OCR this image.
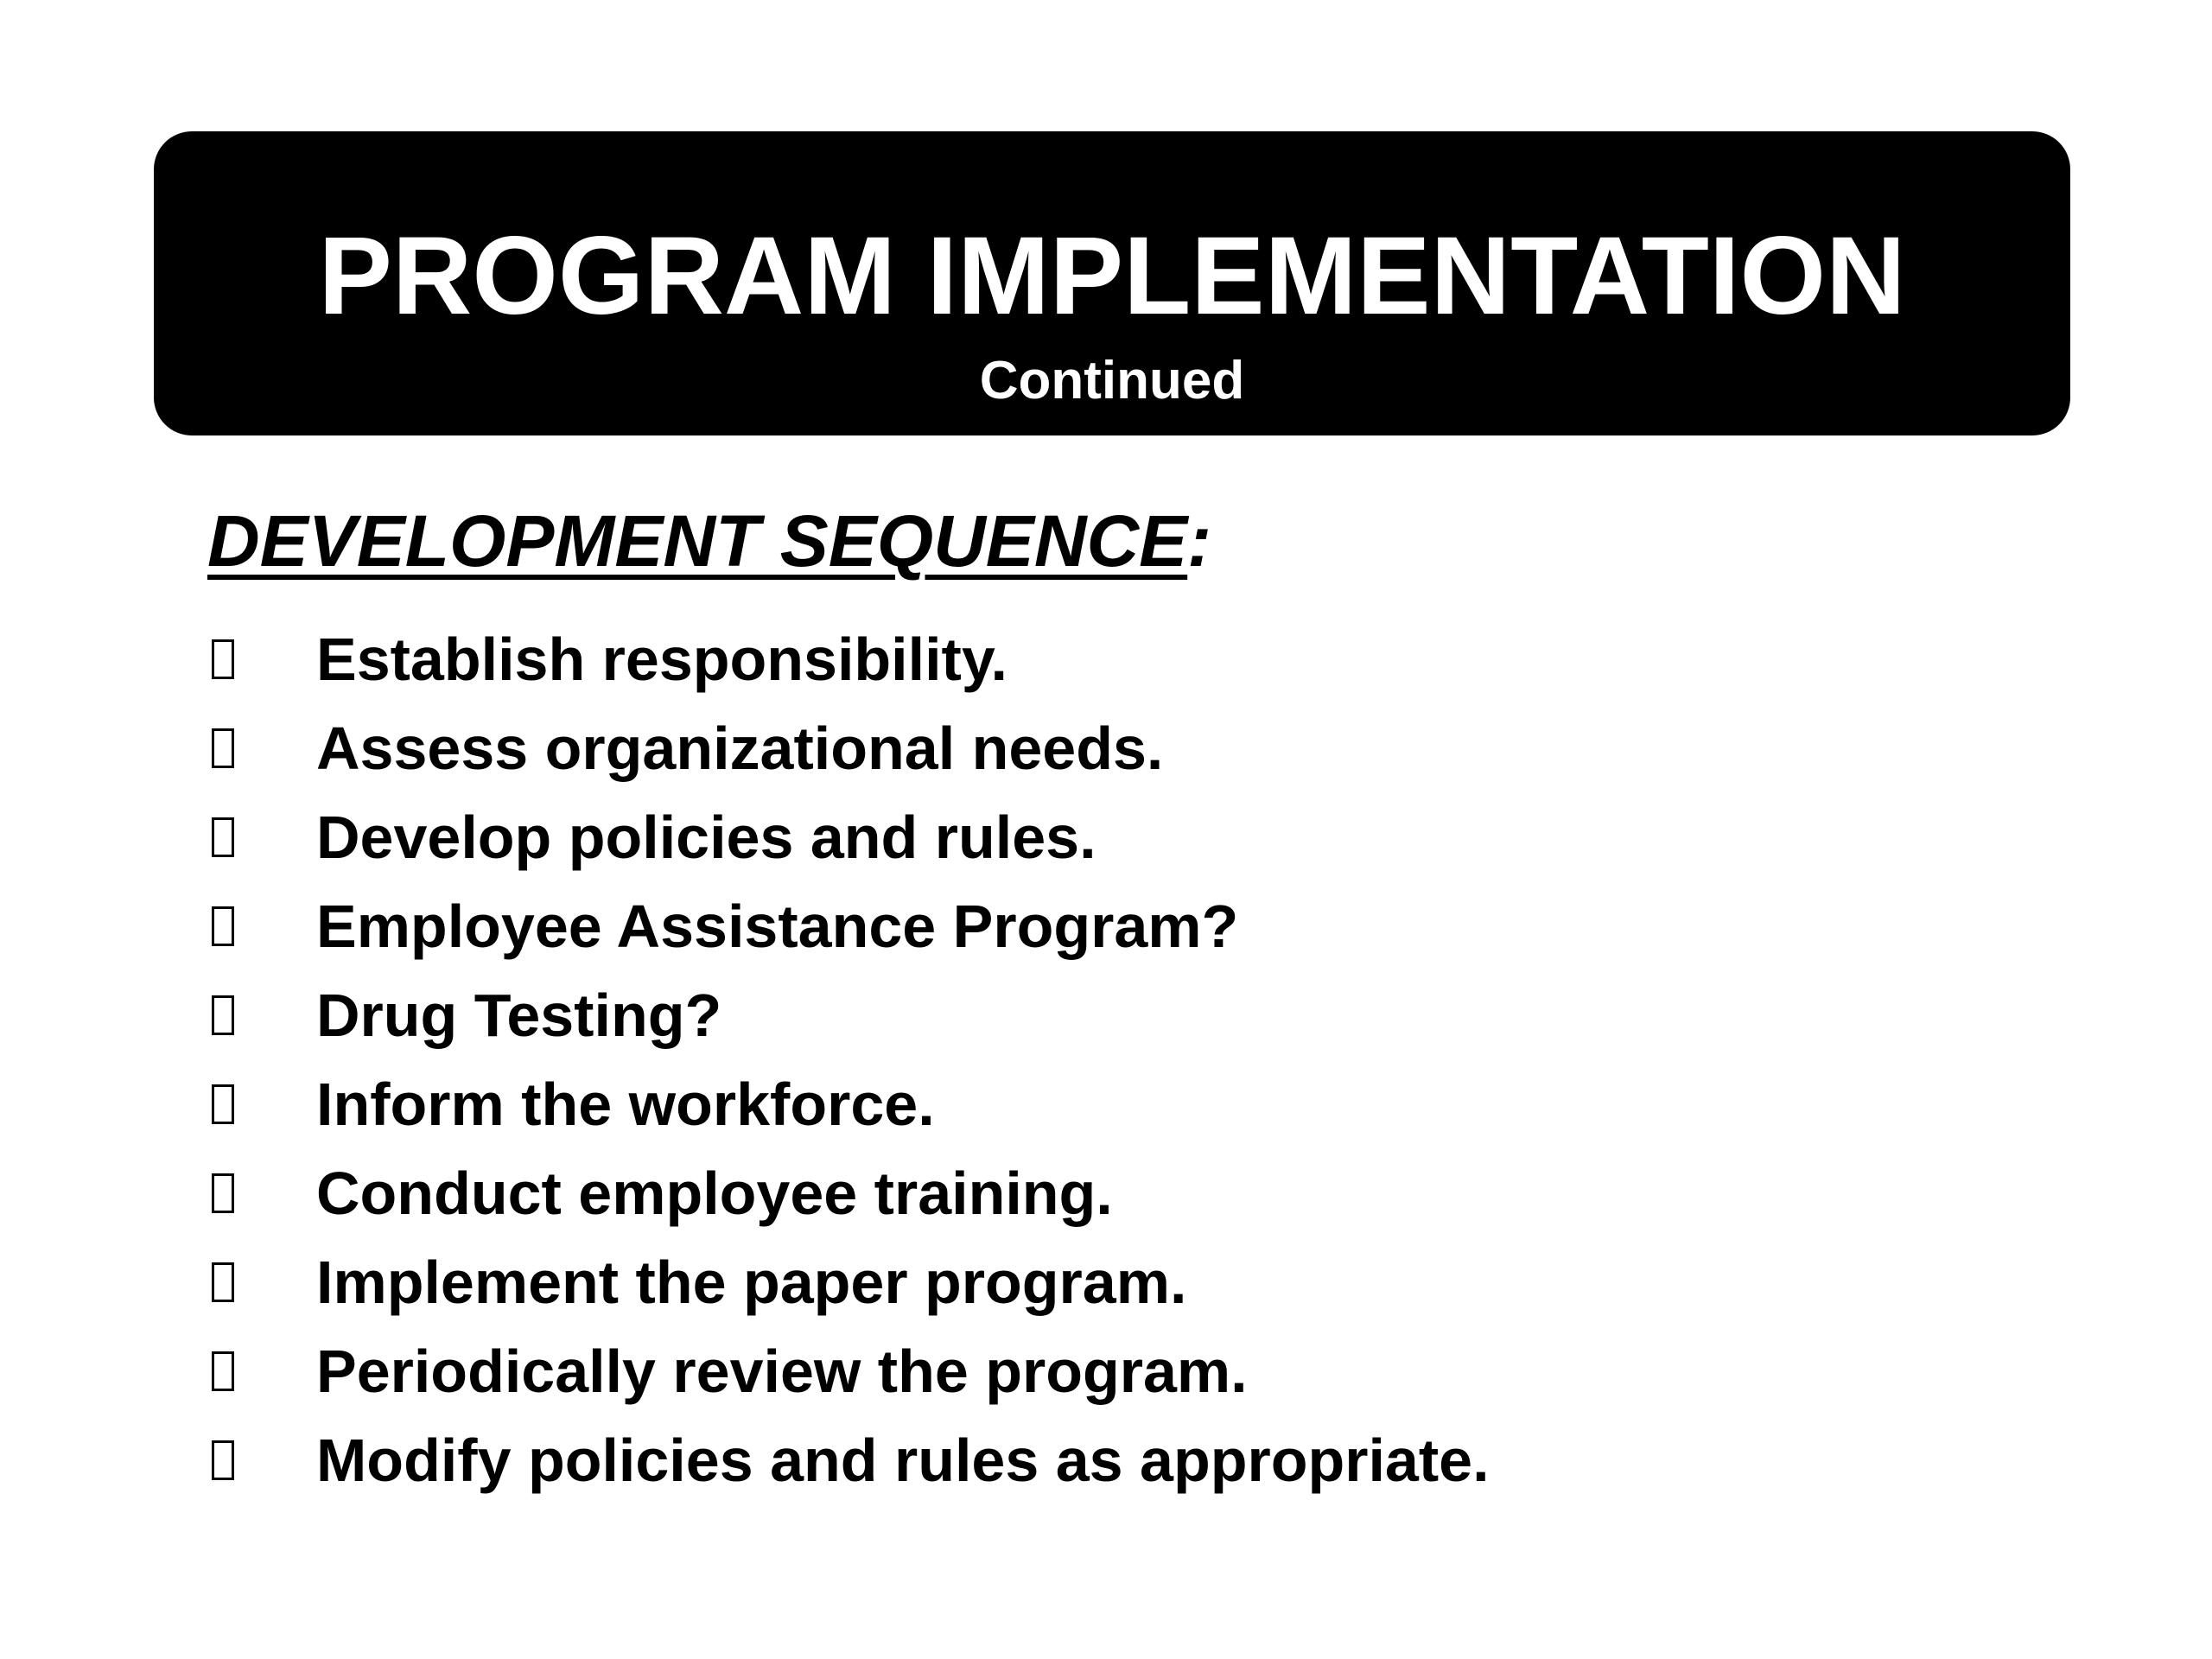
PROGRAM IMPLEMENTATION
Continued
DEVELOPMENT SEQUENCE:
Establish responsibility.
Assess organizational needs.
Develop policies and rules.
Employee Assistance Program?
Drug Testing?
Inform the workforce.
Conduct employee training.
Implement the paper program.
Periodically review the program.
Modify policies and rules as appropriate.
